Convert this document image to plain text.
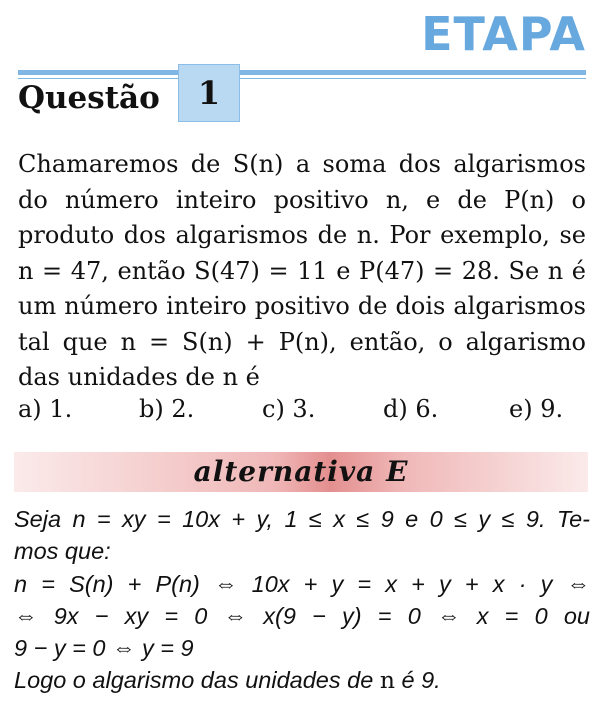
ETAPA
Questão 1

Chamaremos de S(n) a soma dos algarismos do número inteiro positivo n, e de P(n) o produto dos algarismos de n. Por exemplo, se n = 47, então S(47) = 11 e P(47) = 28. Se n é um número inteiro positivo de dois algarismos tal que n = S(n) + P(n), então, o algarismo das unidades de n é

a) 1.	b) 2.	c) 3.	d) 6.	e) 9.
alternativa E
Seja n = xy = 10x + y, 1 ≤ x ≤ 9 e 0 ≤ y ≤ 9. Te-
mos que:
n = S(n) + P(n) ⇔ 10x + y = x + y + x · y ⇔
⇔ 9x − xy = 0 ⇔ x(9 − y) = 0 ⇔ x = 0 ou
9 − y = 0 ⇔ y = 9
Logo o algarismo das unidades de n é 9.
